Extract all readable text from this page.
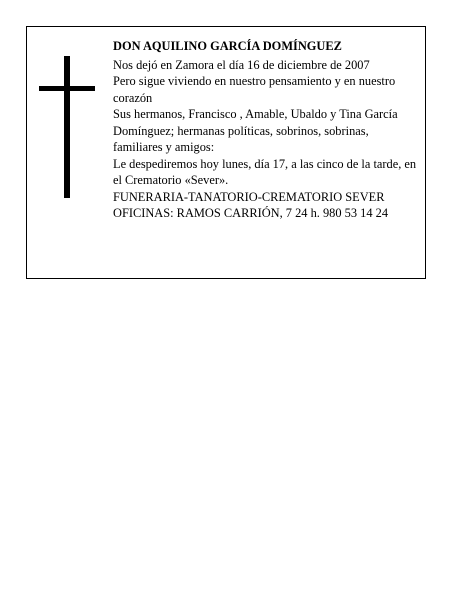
DON AQUILINO GARCÍA DOMÍNGUEZ

Nos dejó en Zamora el día 16 de diciembre de 2007

Pero sigue viviendo en nuestro pensamiento y en nuestro corazón

Sus hermanos, Francisco , Amable, Ubaldo y Tina García Domínguez; hermanas políticas, sobrinos, sobrinas, familiares y amigos:

Le despediremos hoy lunes, día 17, a las cinco de la tarde, en el Crematorio «Sever».

FUNERARIA-TANATORIO-CREMATORIO SEVER

OFICINAS: RAMOS CARRIÓN, 7 24 h. 980 53 14 24
